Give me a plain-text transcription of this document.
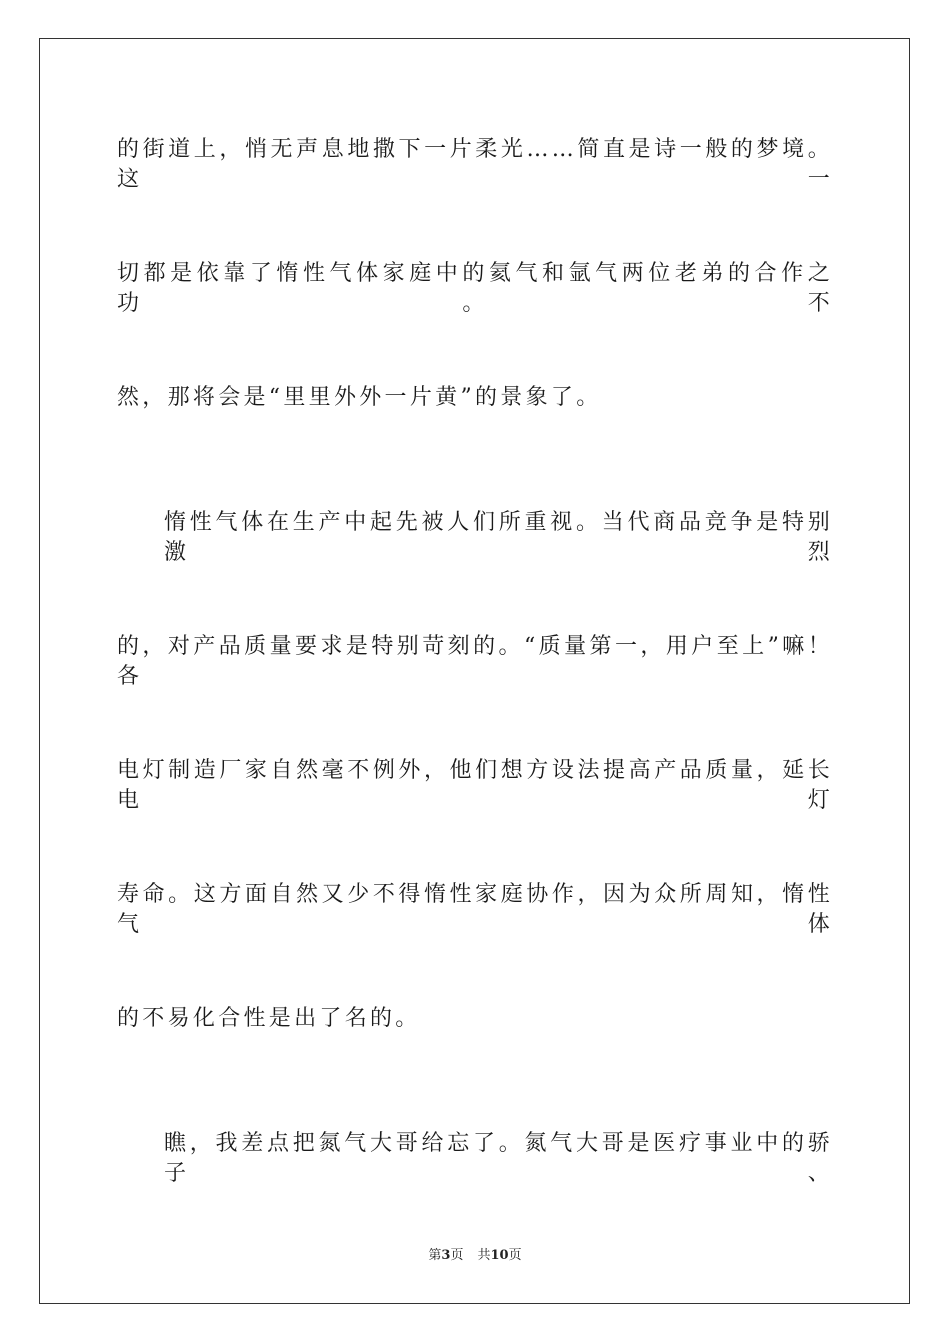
的街道上，悄无声息地撒下一片柔光……简直是诗一般的梦境。这一
切都是依靠了惰性气体家庭中的氦气和氩气两位老弟的合作之功。不
然，那将会是“里里外外一片黄”的景象了。
惰性气体在生产中起先被人们所重视。当代商品竞争是特别激烈
的，对产品质量要求是特别苛刻的。“质量第一，用户至上”嘛！各
电灯制造厂家自然毫不例外，他们想方设法提高产品质量，延长电灯
寿命。这方面自然又少不得惰性家庭协作，因为众所周知，惰性气体
的不易化合性是出了名的。
瞧，我差点把氮气大哥给忘了。氮气大哥是医疗事业中的骄子、
第3页 共10页
